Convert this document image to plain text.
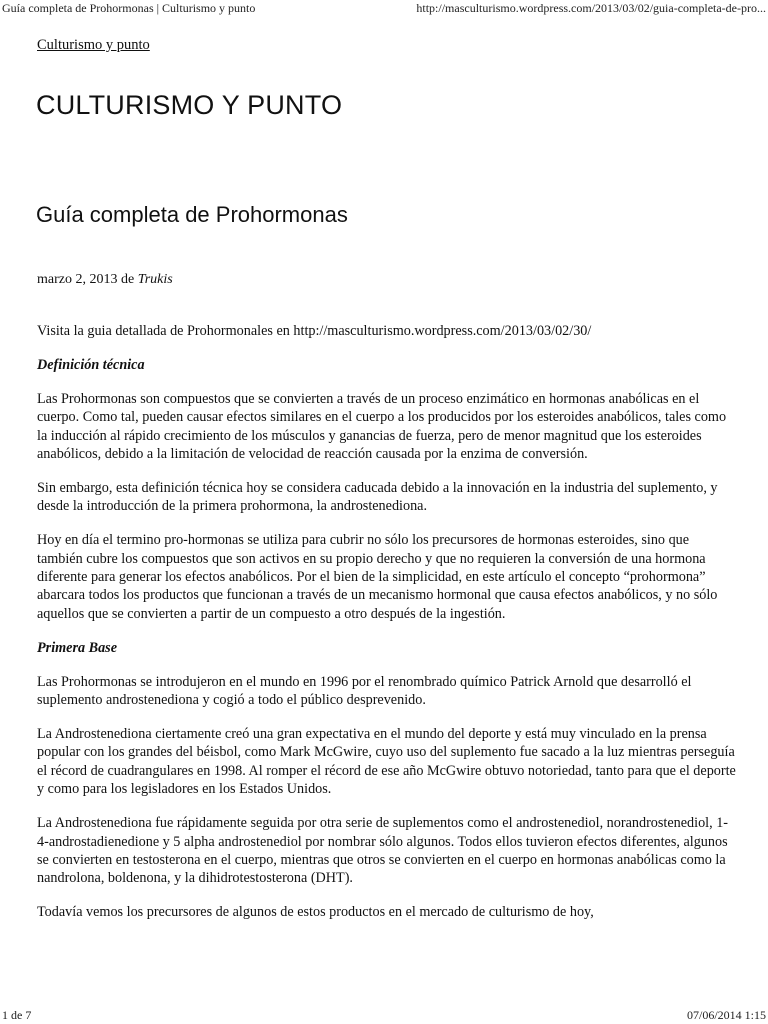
Guía completa de Prohormonas | Culturismo y punto	http://masculturismo.wordpress.com/2013/03/02/guia-completa-de-pro...
Culturismo y punto
CULTURISMO Y PUNTO
Guía completa de Prohormonas
marzo 2, 2013 de Trukis

Visita la guia detallada de Prohormonales en http://masculturismo.wordpress.com/2013/03/02/30/

Definición técnica

Las Prohormonas son compuestos que se convierten a través de un proceso enzimático en hormonas anabólicas en el cuerpo. Como tal, pueden causar efectos similares en el cuerpo a los producidos por los esteroides anabólicos, tales como la inducción al rápido crecimiento de los músculos y ganancias de fuerza, pero de menor magnitud que los esteroides anabólicos, debido a la limitación de velocidad de reacción causada por la enzima de conversión.

Sin embargo, esta definición técnica hoy se considera caducada debido a la innovación en la industria del suplemento, y desde la introducción de la primera prohormona, la androstenediona.

Hoy en día el termino pro-hormonas se utiliza para cubrir no sólo los precursores de hormonas esteroides, sino que también cubre los compuestos que son activos en su propio derecho y que no requieren la conversión de una hormona diferente para generar los efectos anabólicos. Por el bien de la simplicidad, en este artículo el concepto “prohormona” abarcara todos los productos que funcionan a través de un mecanismo hormonal que causa efectos anabólicos, y no sólo aquellos que se convierten a partir de un compuesto a otro después de la ingestión.

Primera Base

Las Prohormonas se introdujeron en el mundo en 1996 por el renombrado químico Patrick Arnold que desarrolló el suplemento androstenediona y cogió a todo el público desprevenido.

La Androstenediona ciertamente creó una gran expectativa en el mundo del deporte y está muy vinculado en la prensa popular con los grandes del béisbol, como Mark McGwire, cuyo uso del suplemento fue sacado a la luz mientras perseguía el récord de cuadrangulares en 1998. Al romper el récord de ese año McGwire obtuvo notoriedad, tanto para que el deporte y como para los legisladores en los Estados Unidos.

La Androstenediona fue rápidamente seguida por otra serie de suplementos como el androstenediol, norandrostenediol, 1-4-androstadienedione y 5 alpha androstenediol por nombrar sólo algunos. Todos ellos tuvieron efectos diferentes, algunos se convierten en testosterona en el cuerpo, mientras que otros se convierten en el cuerpo en hormonas anabólicas como la nandrolona, boldenona, y la dihidrotestosterona (DHT).

Todavía vemos los precursores de algunos de estos productos en el mercado de culturismo de hoy,

1 de 7	07/06/2014 1:15
